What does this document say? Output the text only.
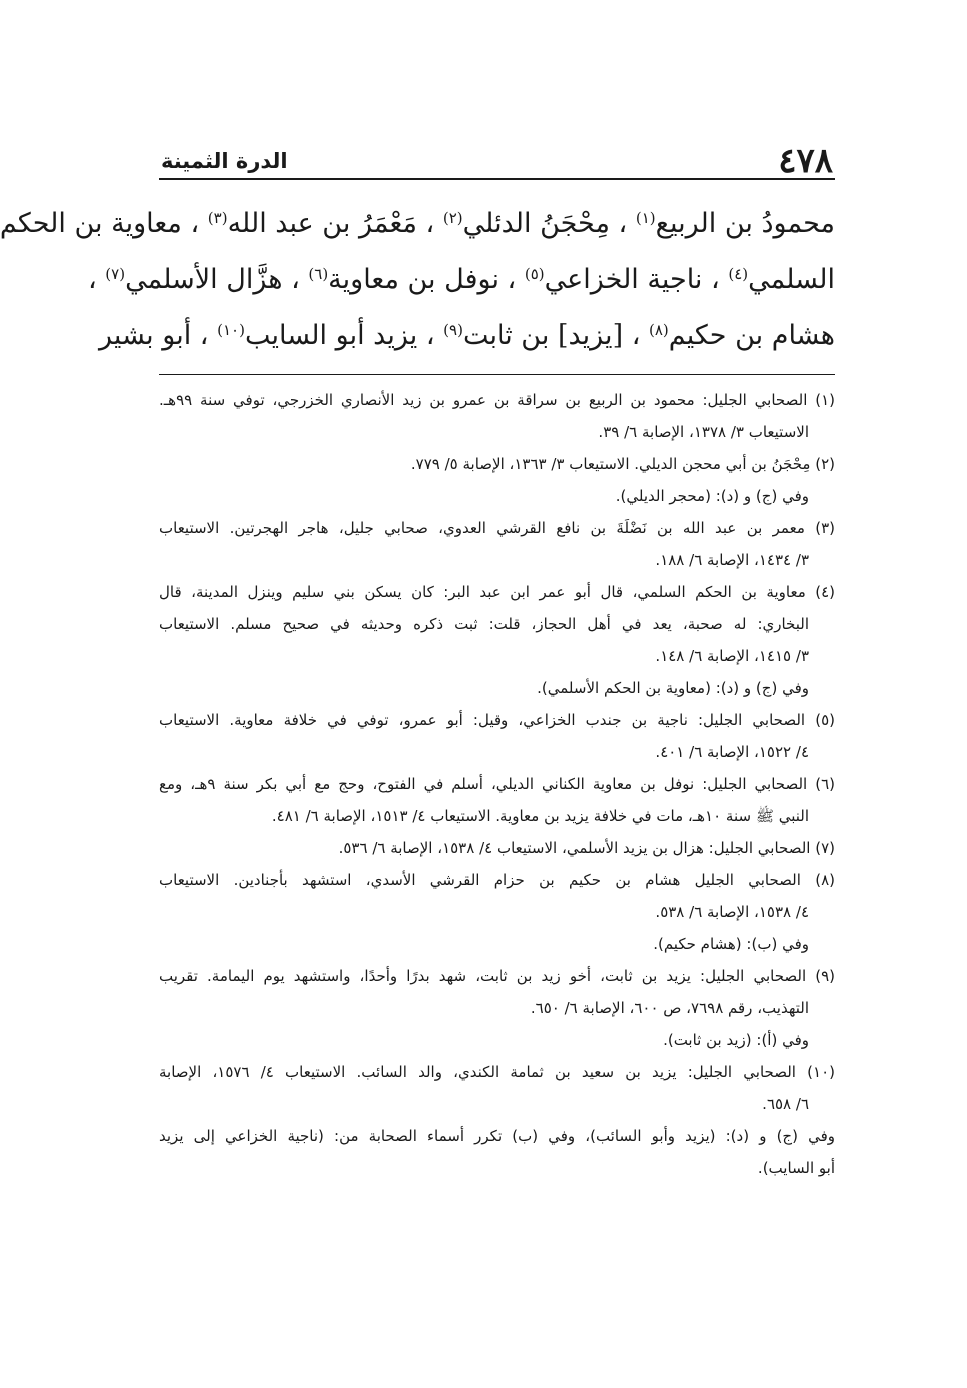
٤٧٨
الدرة الثمينة
محمودُ بن الربيع$^{(١)}$ ، مِحْجَنُ الدئلي$^{(٢)}$ ، مَعْمَرُ بن عبد الله$^{(٣)}$ ، معاوية بن الحكم
السلمي$^{(٤)}$ ، ناجية الخزاعي$^{(٥)}$ ، نوفل بن معاوية$^{(٦)}$ ، هزَّال الأسلمي$^{(٧)}$ ،
هشام بن حكيم$^{(٨)}$ ، [يزيد] بن ثابت$^{(٩)}$ ، يزيد أبو السايب$^{(١٠)}$ ، أبو بشير
(١) الصحابي الجليل: محمود بن الربيع بن سراقة بن عمرو بن زيد الأنصاري الخزرجي، توفي سنة ٩٩هـ.
الاستيعاب ٣/ ١٣٧٨، الإصابة ٦/ ٣٩.
(٢) مِحْجَنُ بن أبي محجن الديلي. الاستيعاب ٣/ ١٣٦٣، الإصابة ٥/ ٧٧٩.
وفي (ج) و (د): (محجر الديلي).
(٣) معمر بن عبد الله بن نَضْلَةَ بن نافع القرشي العدوي، صحابي جليل، هاجر الهجرتين. الاستيعاب
٣/ ١٤٣٤، الإصابة ٦/ ١٨٨.
(٤) معاوية بن الحكم السلمي، قال أبو عمر ابن عبد البر: كان يسكن بني سليم وينزل المدينة، قال
البخاري: له صحبة، يعد في أهل الحجاز، قلت: ثبت ذكره وحديثه في صحيح مسلم. الاستيعاب
٣/ ١٤١٥، الإصابة ٦/ ١٤٨.
وفي (ج) و (د): (معاوية بن الحكم الأسلمي).
(٥) الصحابي الجليل: ناجية بن جندب الخزاعي، وقيل: أبو عمرو، توفي في خلافة معاوية. الاستيعاب
٤/ ١٥٢٢، الإصابة ٦/ ٤٠١.
(٦) الصحابي الجليل: نوفل بن معاوية الكناني الديلي، أسلم في الفتوح، وحج مع أبي بكر سنة ٩هـ، ومع
النبي ﷺ سنة ١٠هـ، مات في خلافة يزيد بن معاوية. الاستيعاب ٤/ ١٥١٣، الإصابة ٦/ ٤٨١.
(٧) الصحابي الجليل: هزال بن يزيد الأسلمي، الاستيعاب ٤/ ١٥٣٨، الإصابة ٦/ ٥٣٦.
(٨) الصحابي الجليل هشام بن حكيم بن حزام القرشي الأسدي، استشهد بأجنادين. الاستيعاب
٤/ ١٥٣٨، الإصابة ٦/ ٥٣٨.
وفي (ب): (هشام حكيم).
(٩) الصحابي الجليل: يزيد بن ثابت، أخو زيد بن ثابت، شهد بدرًا وأحدًا، واستشهد يوم اليمامة. تقريب
التهذيب، رقم ٧٦٩٨، ص ٦٠٠، الإصابة ٦/ ٦٥٠.
وفي (أ): (زيد بن ثابت).
(١٠) الصحابي الجليل: يزيد بن سعيد بن ثمامة الكندي، والد السائب. الاستيعاب ٤/ ١٥٧٦، الإصابة
٦/ ٦٥٨.
وفي (ج) و (د): (يزيد وأبو السائب)، وفي (ب) تكرر أسماء الصحابة من: (ناجية الخزاعي إلى يزيد
أبو السايب).
